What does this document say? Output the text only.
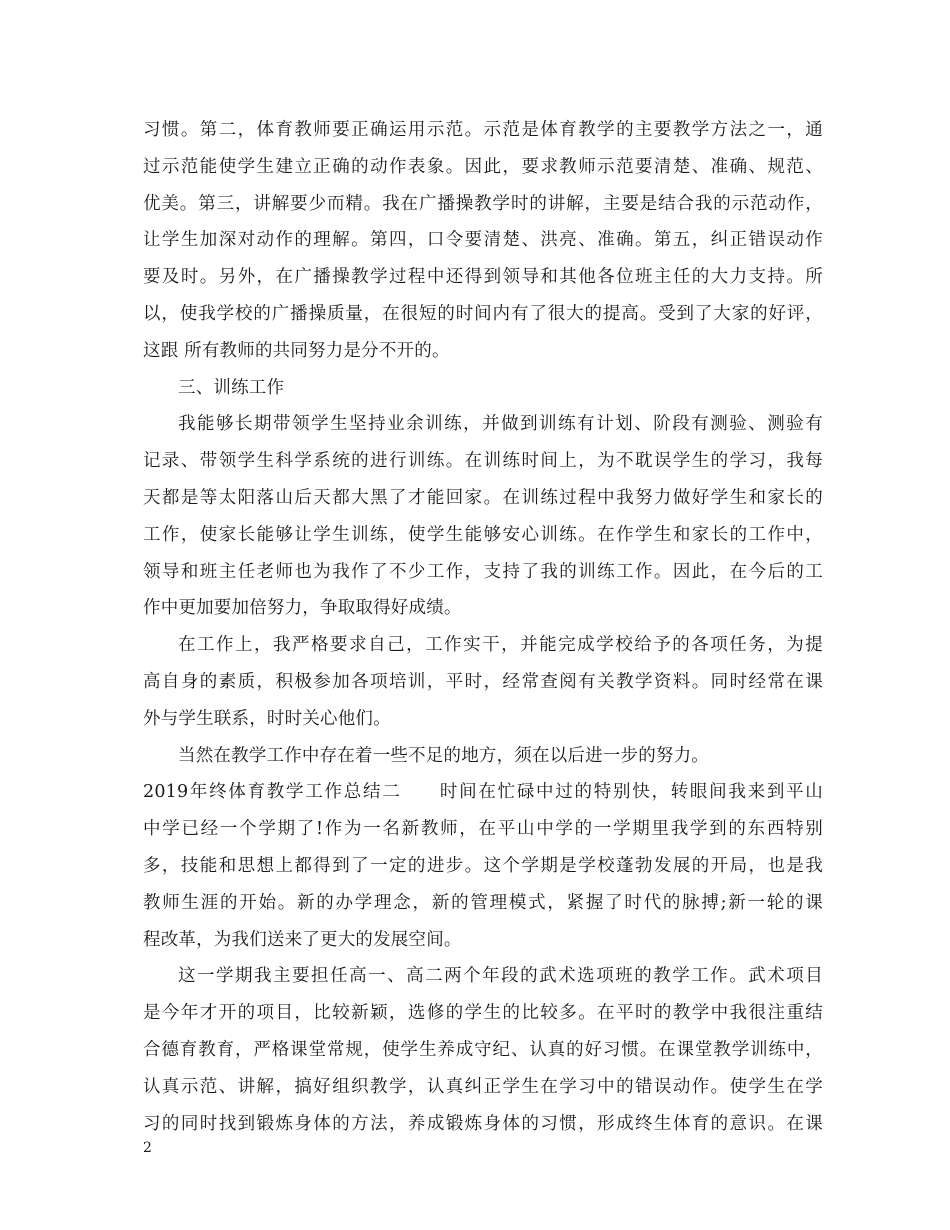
习惯。第二，体育教师要正确运用示范。示范是体育教学的主要教学方法之一，通
过示范能使学生建立正确的动作表象。因此，要求教师示范要清楚、准确、规范、
优美。第三，讲解要少而精。我在广播操教学时的讲解，主要是结合我的示范动作，
让学生加深对动作的理解。第四，口令要清楚、洪亮、准确。第五，纠正错误动作
要及时。另外，在广播操教学过程中还得到领导和其他各位班主任的大力支持。所
以，使我学校的广播操质量，在很短的时间内有了很大的提高。受到了大家的好评，
这跟 所有教师的共同努力是分不开的。
三、训练工作
我能够长期带领学生坚持业余训练，并做到训练有计划、阶段有测验、测验有
记录、带领学生科学系统的进行训练。在训练时间上，为不耽误学生的学习，我每
天都是等太阳落山后天都大黑了才能回家。在训练过程中我努力做好学生和家长的
工作，使家长能够让学生训练，使学生能够安心训练。在作学生和家长的工作中，
领导和班主任老师也为我作了不少工作，支持了我的训练工作。因此，在今后的工
作中更加要加倍努力，争取取得好成绩。
在工作上，我严格要求自己，工作实干，并能完成学校给予的各项任务，为提
高自身的素质，积极参加各项培训，平时，经常查阅有关教学资料。同时经常在课
外与学生联系，时时关心他们。
当然在教学工作中存在着一些不足的地方，须在以后进一步的努力。
2019年终体育教学工作总结二　　时间在忙碌中过的特别快，转眼间我来到平山
中学已经一个学期了!作为一名新教师，在平山中学的一学期里我学到的东西特别
多，技能和思想上都得到了一定的进步。这个学期是学校蓬勃发展的开局，也是我
教师生涯的开始。新的办学理念，新的管理模式，紧握了时代的脉搏;新一轮的课
程改革，为我们送来了更大的发展空间。
这一学期我主要担任高一、高二两个年段的武术选项班的教学工作。武术项目
是今年才开的项目，比较新颖，选修的学生的比较多。在平时的教学中我很注重结
合德育教育，严格课堂常规，使学生养成守纪、认真的好习惯。在课堂教学训练中，
认真示范、讲解，搞好组织教学，认真纠正学生在学习中的错误动作。使学生在学
习的同时找到锻炼身体的方法，养成锻炼身体的习惯，形成终生体育的意识。在课
2
